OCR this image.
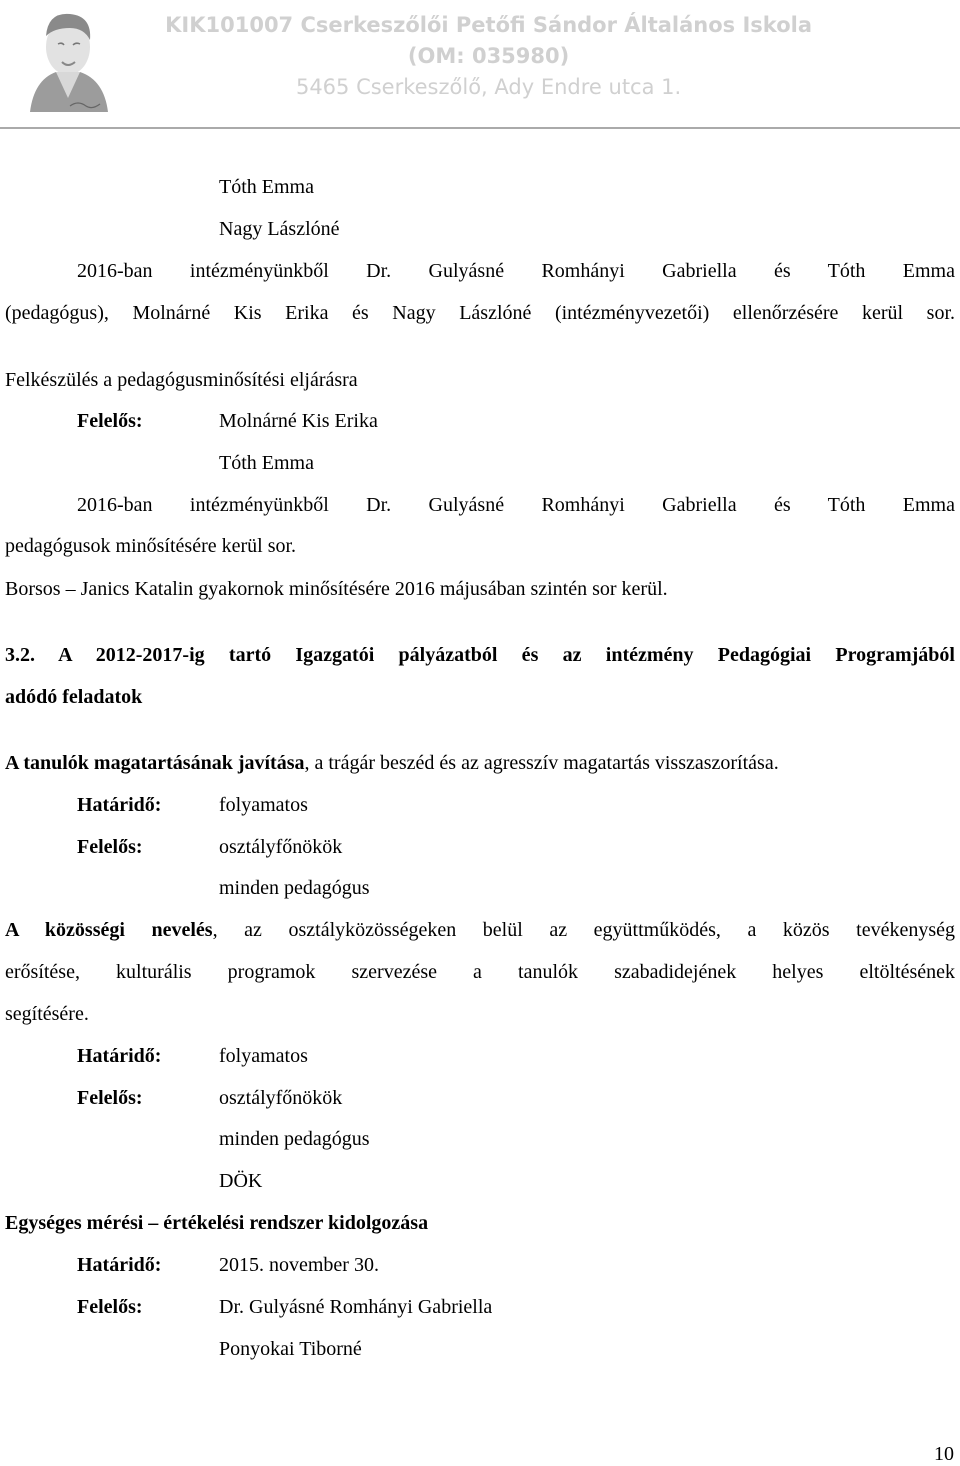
KIK101007 Cserkeszőlői Petőfi Sándor Általános Iskola
(OM: 035980)
5465 Cserkeszőlő, Ady Endre utca 1.
Tóth Emma
Nagy Lászlóné
2016-ban intézményünkből Dr. Gulyásné Romhányi Gabriella és Tóth Emma
(pedagógus), Molnárné Kis Erika és Nagy Lászlóné (intézményvezetői) ellenőrzésére kerül sor.
Felkészülés a pedagógusminősítési eljárásra
Felelős:	Molnárné Kis Erika
Tóth Emma
2016-ban intézményünkből Dr. Gulyásné Romhányi Gabriella és Tóth Emma
pedagógusok minősítésére kerül sor.
Borsos – Janics Katalin gyakornok minősítésére 2016 májusában szintén sor kerül.
3.2. A 2012-2017-ig tartó Igazgatói pályázatból és az intézmény Pedagógiai Programjából
adódó feladatok
A tanulók magatartásának javítása, a trágár beszéd és az agresszív magatartás visszaszorítása.
Határidő:	folyamatos
Felelős:	osztályfőnökök
minden pedagógus
A közösségi nevelés, az osztályközösségeken belül az együttműködés, a közös tevékenység
erősítése, kulturális programok szervezése a tanulók szabadidejének helyes eltöltésének
segítésére.
Határidő:	folyamatos
Felelős:	osztályfőnökök
minden pedagógus
DÖK
Egységes mérési – értékelési rendszer kidolgozása
Határidő:	2015. november 30.
Felelős:	Dr. Gulyásné Romhányi Gabriella
Ponyokai Tiborné
10
